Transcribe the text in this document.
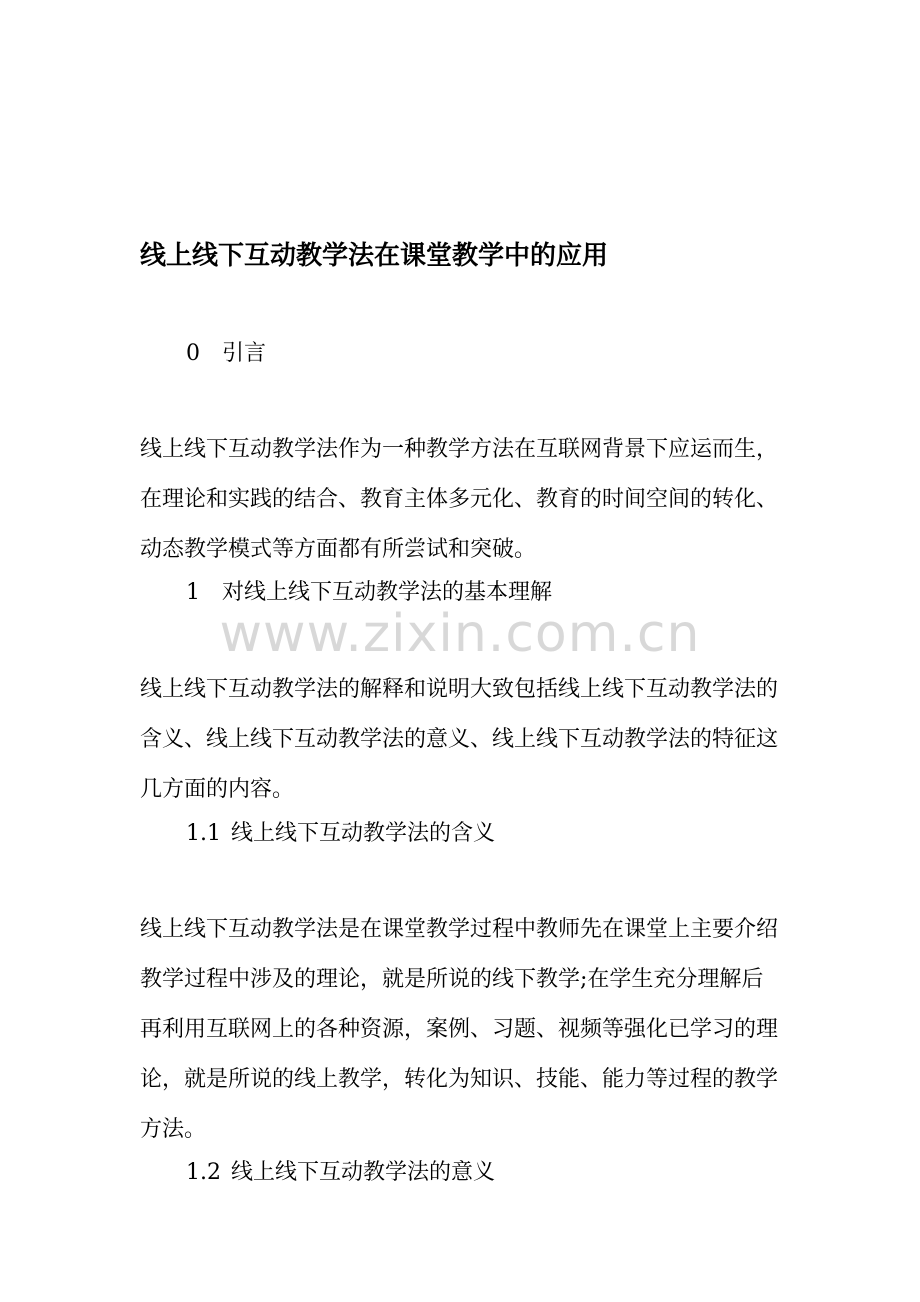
线上线下互动教学法在课堂教学中的应用
0 引言

线上线下互动教学法作为一种教学方法在互联网背景下应运而生，在理论和实践的结合、教育主体多元化、教育的时间空间的转化、动态教学模式等方面都有所尝试和突破。

1 对线上线下互动教学法的基本理解
www.zixin.com.cn

线上线下互动教学法的解释和说明大致包括线上线下互动教学法的含义、线上线下互动教学法的意义、线上线下互动教学法的特征这几方面的内容。

1.1 线上线下互动教学法的含义

线上线下互动教学法是在课堂教学过程中教师先在课堂上主要介绍教学过程中涉及的理论，就是所说的线下教学;在学生充分理解后再利用互联网上的各种资源，案例、习题、视频等强化已学习的理论，就是所说的线上教学，转化为知识、技能、能力等过程的教学方法。

1.2 线上线下互动教学法的意义
